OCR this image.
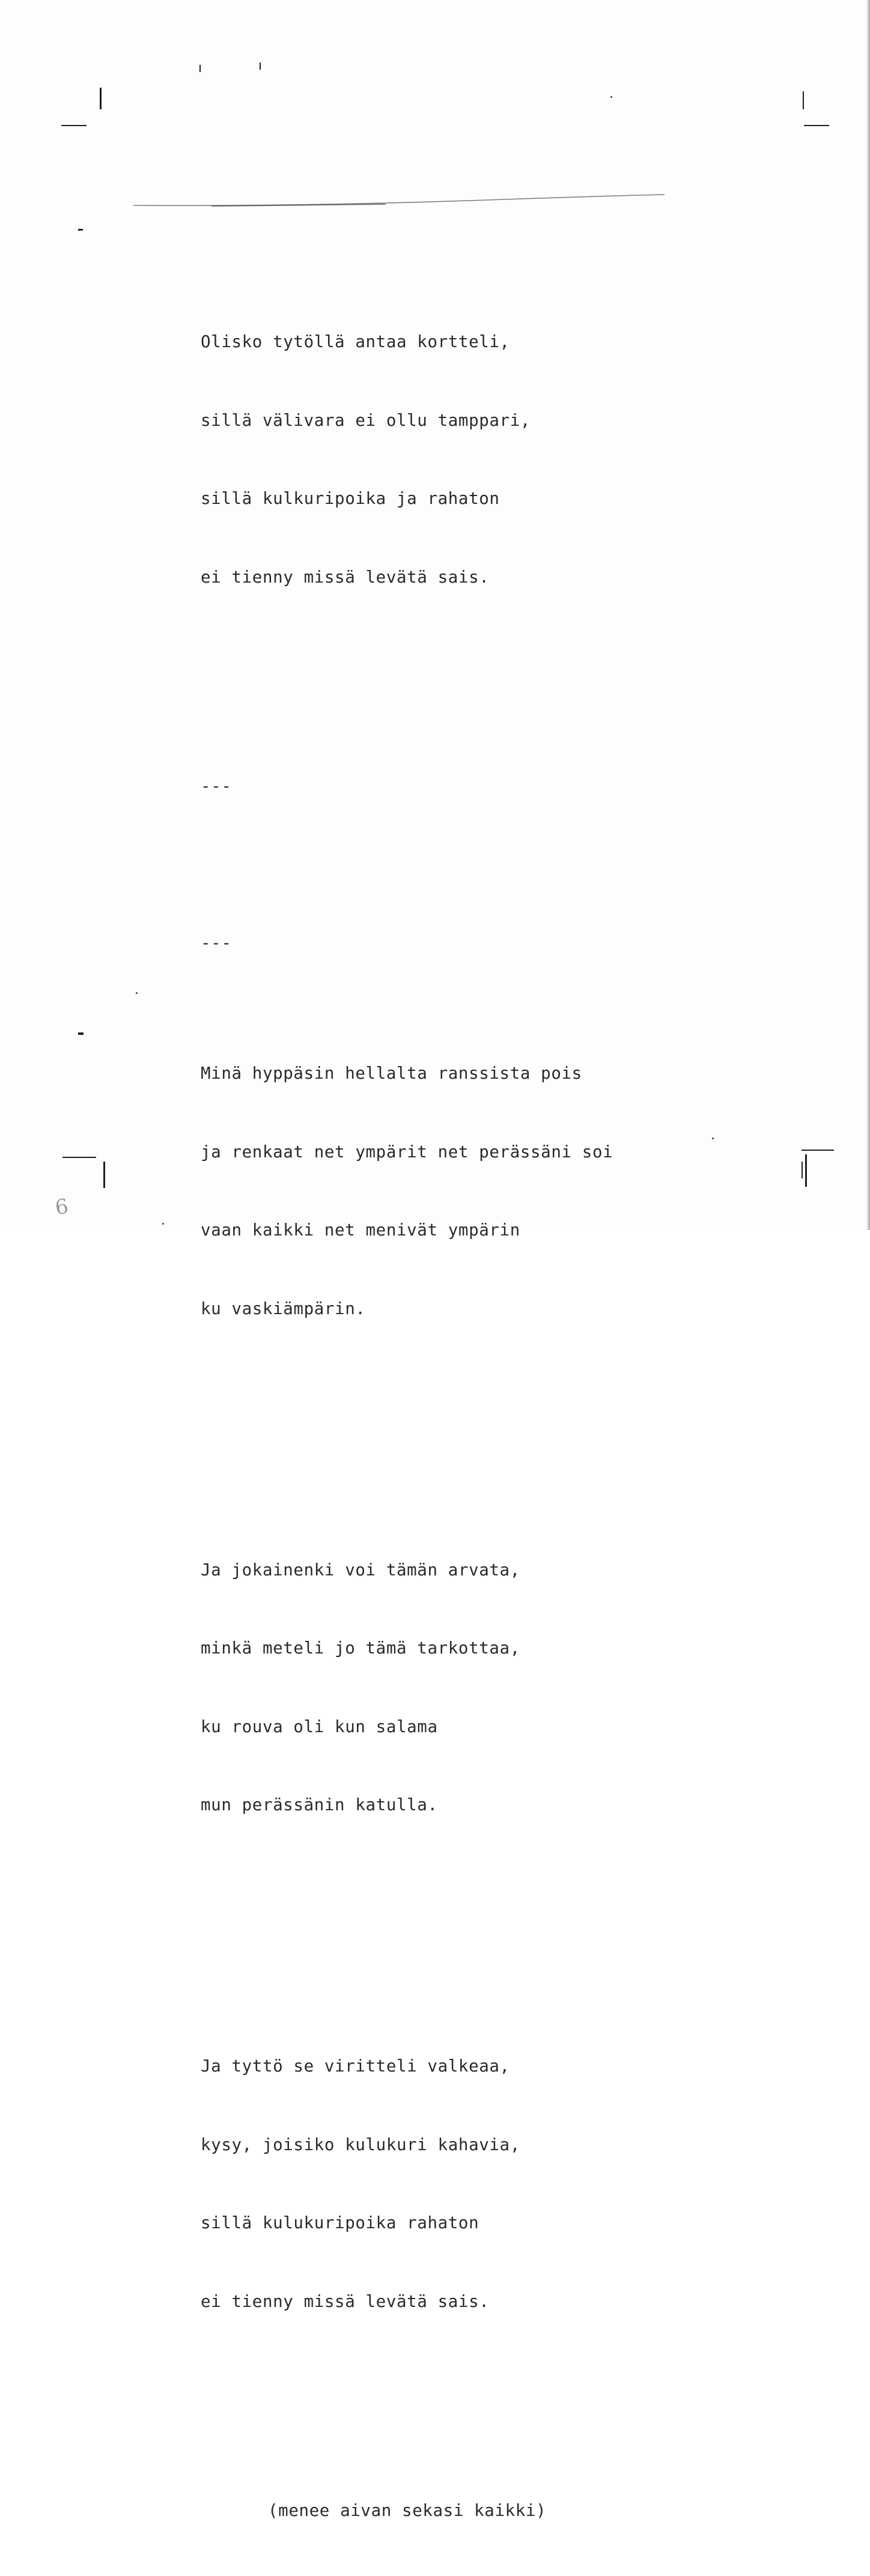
6

Olisko tytöllä antaa kortteli,

sillä välivara ei ollu tamppari,

sillä kulkuripoika ja rahaton

ei tienny missä levätä sais.

---

---

Minä hyppäsin hellalta ranssista pois

ja renkaat net ympärit net perässäni soi

vaan kaikki net menivät ympärin

ku vaskiämpärin.

Ja jokainenki voi tämän arvata,

minkä meteli jo tämä tarkottaa,

ku rouva oli kun salama

mun perässänin katulla.

Ja tyttö se viritteli valkeaa,

kysy, joisiko kulukuri kahavia,

sillä kulukuripoika rahaton

ei tienny missä levätä sais.

(menee aivan sekasi kaikki)
